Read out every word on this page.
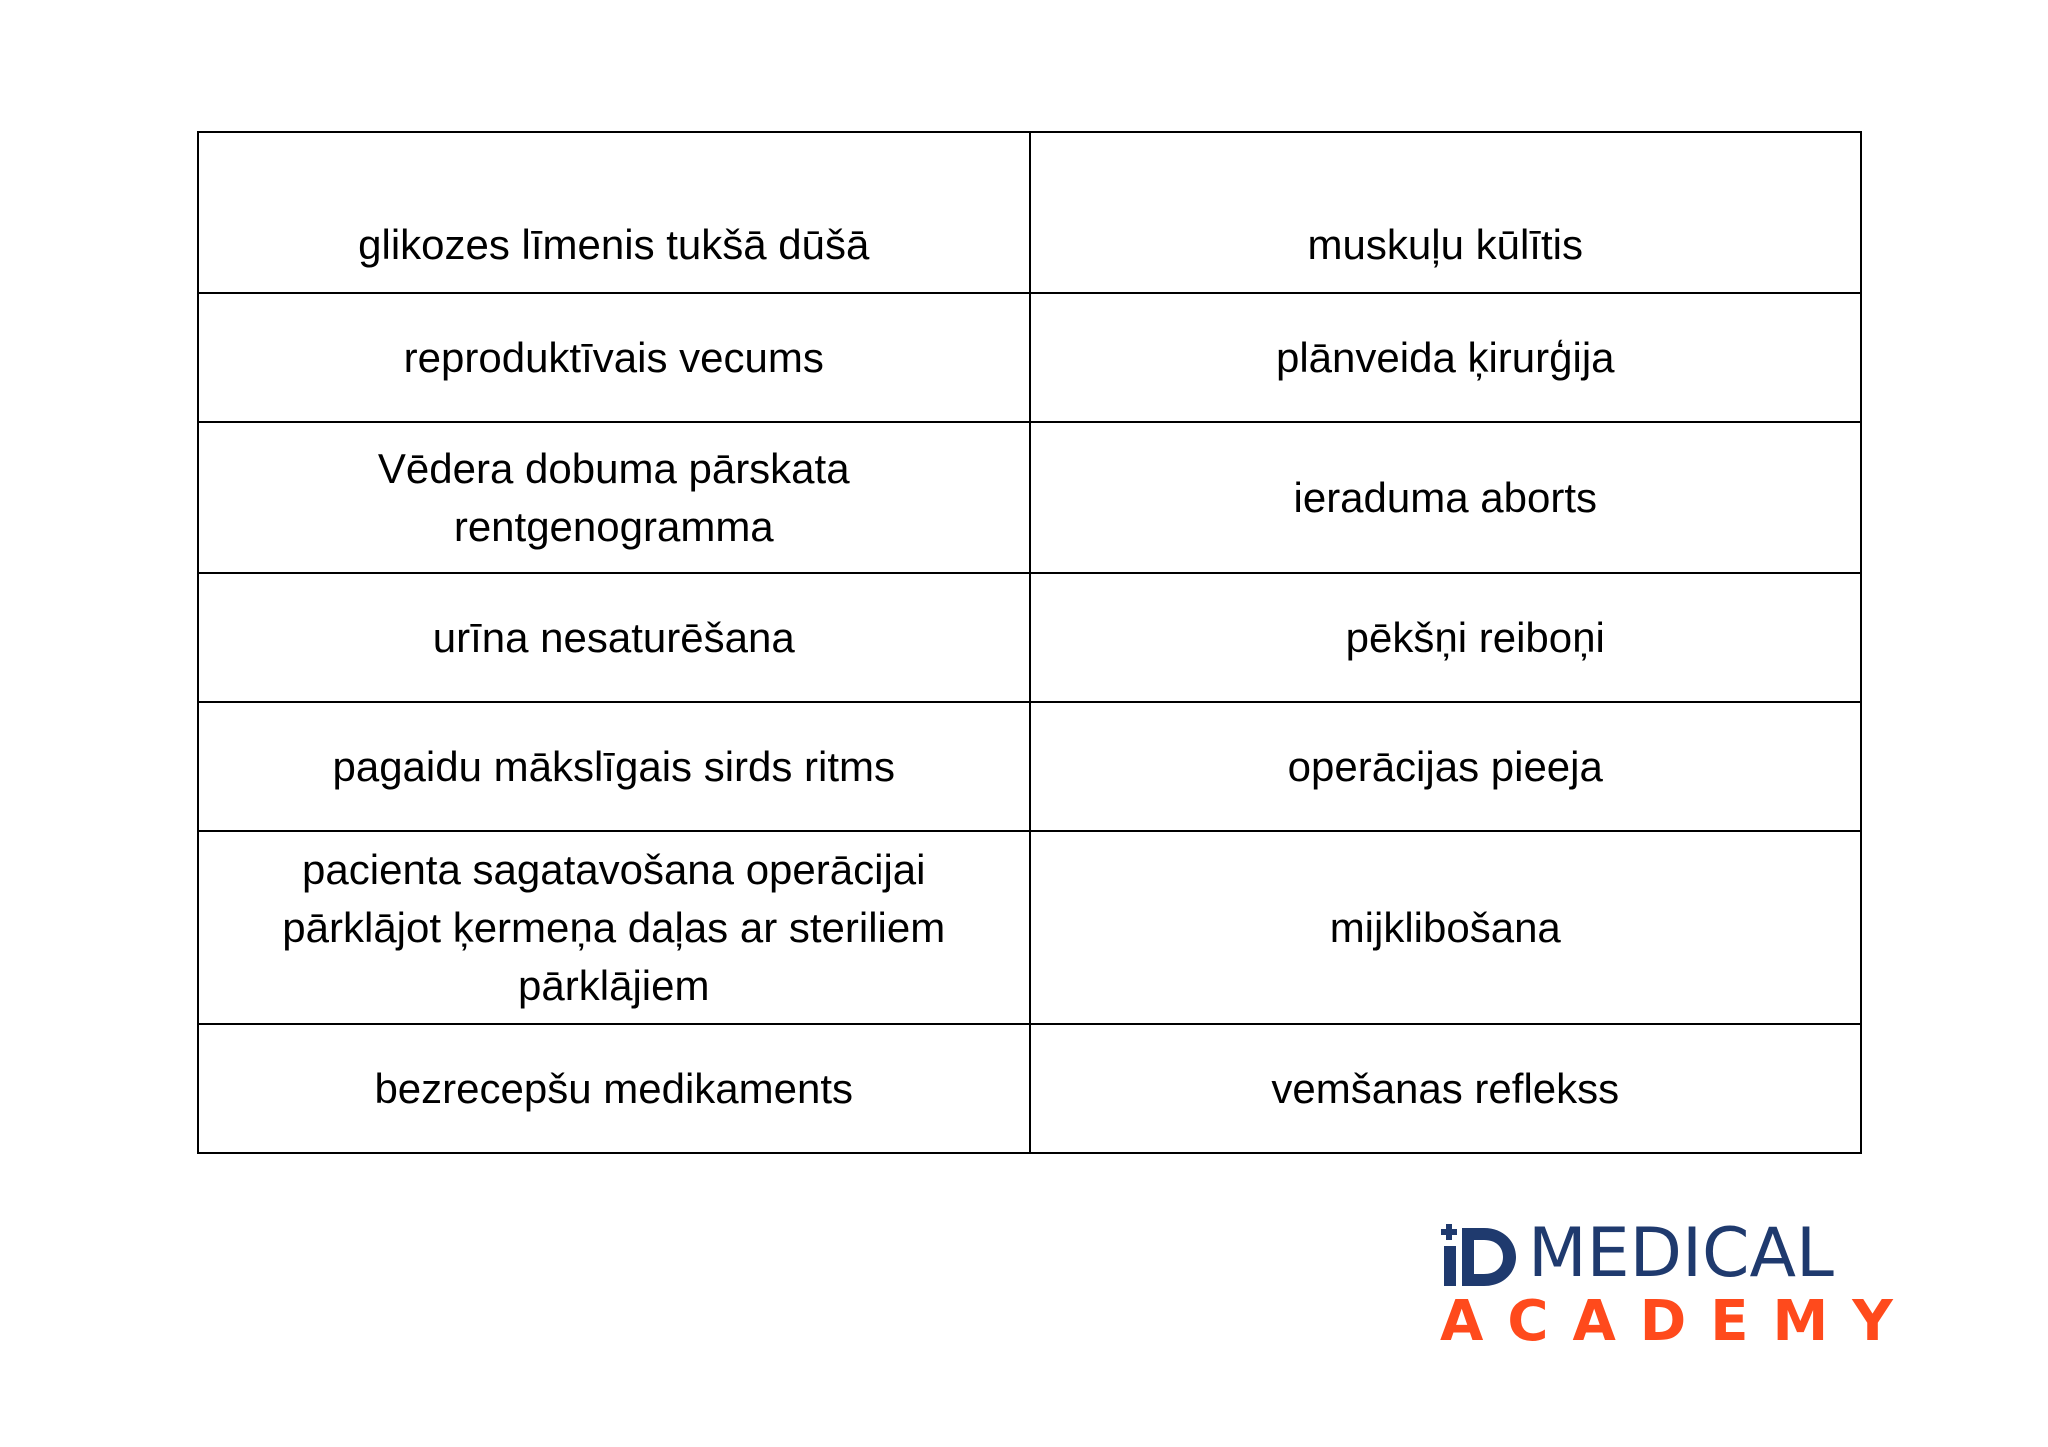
glikozes līmenis tukšā dūšā	muskuļu kūlītis
reproduktīvais vecums	plānveida ķirurģija
Vēdera dobuma pārskata rentgenogramma	ieraduma aborts
urīna nesaturēšana	pēkšņi reiboņi
pagaidu mākslīgais sirds ritms	operācijas pieeja
pacienta sagatavošana operācijai pārklājot ķermeņa daļas ar steriliem pārklājiem	mijklibošana
bezrecepšu medikaments	vemšanas reflekss
MEDICAL
ACADEMY
